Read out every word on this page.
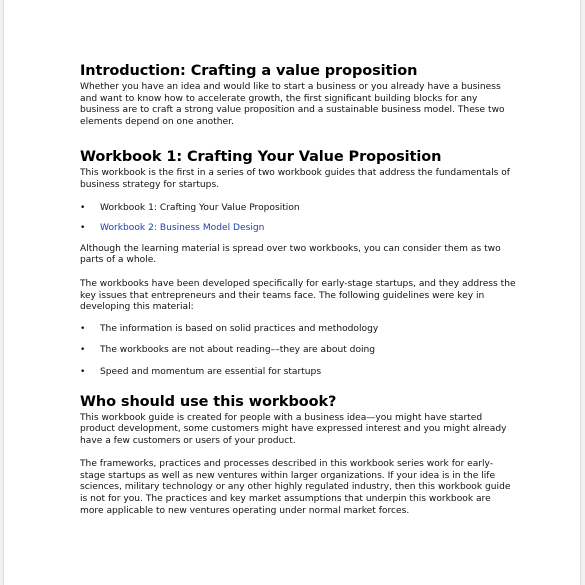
Introduction: Crafting a value proposition

Whether you have an idea and would like to start a business or you already have a business and want to know how to accelerate growth, the first significant building blocks for any business are to craft a strong value proposition and a sustainable business model. These two elements depend on one another.

Workbook 1: Crafting Your Value Proposition

This workbook is the first in a series of two workbook guides that address the fundamentals of business strategy for startups.

• Workbook 1: Crafting Your Value Proposition
• Workbook 2: Business Model Design

Although the learning material is spread over two workbooks, you can consider them as two parts of a whole.

The workbooks have been developed specifically for early-stage startups, and they address the key issues that entrepreneurs and their teams face. The following guidelines were key in developing this material:

• The information is based on solid practices and methodology
• The workbooks are not about reading––they are about doing
• Speed and momentum are essential for startups
Who should use this workbook?

This workbook guide is created for people with a business idea—you might have started product development, some customers might have expressed interest and you might already have a few customers or users of your product.

The frameworks, practices and processes described in this workbook series work for early-stage startups as well as new ventures within larger organizations. If your idea is in the life sciences, military technology or any other highly regulated industry, then this workbook guide is not for you. The practices and key market assumptions that underpin this workbook are more applicable to new ventures operating under normal market forces.
